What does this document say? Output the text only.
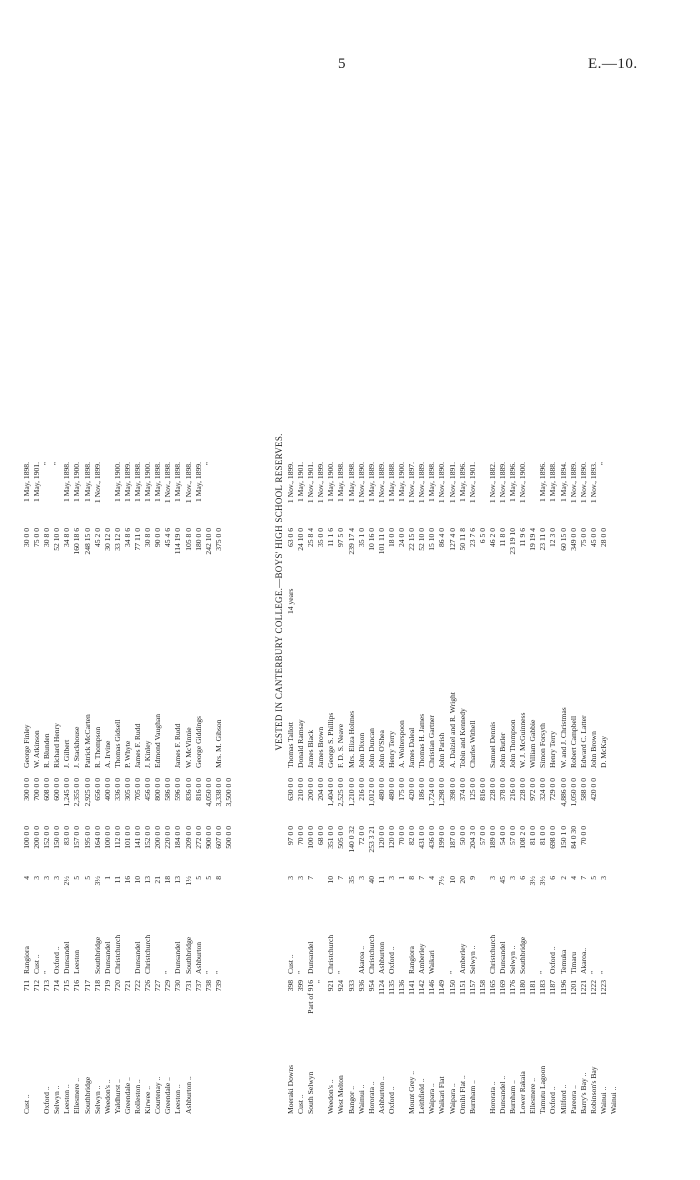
5	E.—10.
Cust .. Oxford .. Selwyn .. Leeston .. Ellesmere .. Southbridge Selwyn .. Weedon's .. Yaldhurst .. Greendale .. Rolleston .. Kirwee .. Courtenay .. Greendale .. Leeston .. Ashburton ..
711 712 713 714 715 716 717 718 719 720 721 722 726 727 729 730 731 737 738 739
Rangiora Cust .. " Oxford .. Dunsandel Leeston Southbridge Dunsandel Christchurch Dunsandel Christchurch " Dunsandel Southbridge Ashburton " "
4 3 3 3 2½ 5 5 3½ 1 11 16 10 13 21 18 13 1½ 5 5 8
100 0 0 200 0 0 152 0 0 150 0 0 83 0 0 157 0 0 195 0 0 164 0 0 100 0 0 112 0 0 101 0 0 141 0 0 152 0 0 200 0 0 220 0 0 184 0 0 209 0 0 272 0 0 900 0 0 607 0 0 500 0 0
300 0 0 700 0 0 608 0 0 600 0 0 1,245 0 0 2,355 0 0 2,925 0 0 656 0 0 400 0 0 336 0 0 305 0 0 705 0 0 456 0 0 800 0 0 586 0 0 596 0 0 836 0 0 816 0 0 4,050 0 0 3,338 0 0 3,500 0 0
George Finley W. Atkinson R. Blunden Richard Henry J. Gilbert J. Stackhouse Patrick McCarten R. Thompson A. Irvine Thomas Gidsell P. Whyte James F. Rudd J. Kinley Edmond Vaughan James F. Rudd W. McVinnie George Giddings Mrs. M. Gibson
30 0 0 75 0 0 30 8 0 52 10 0 34 8 0 160 18 6 248 15 0 45 2 0 30 12 0 33 12 0 34 8 6 77 11 0 30 8 0 90 0 0 45 4 6 114 19 0 105 8 0 180 0 0 242 10 0 375 0 0
1 May, 1898. 1 May, 1901. " " 1 May, 1898. 1 May, 1900. 1 May, 1898. 1 Nov., 1899. 1 May, 1900. 1 May, 1899. 1 May, 1898. 1 May, 1900. 1 May, 1898. 1 Nov., 1898. 1 May, 1898. 1 Nov., 1898. 1 May, 1899. "	VESTED IN CANTERBURY COLLEGE.—BOYS' HIGH SCHOOL RESERVES.
Moeraki Downs Cust .. South Selwyn Weedon's .. West Melton Bangor .. Waimui .. Hororata .. Ashburton .. Oxford .. Mount Grey .. Leithfield .. Waipara .. Waikari Flat Waipara .. Omihi Flat .. Burnham .. Hororata .. Dunsandel .. Burnham .. Lower Rakaia Ellesmere .. Tamutu Lagoon Oxford .. Milford .. Pareora .. Barry's Bay .. Robinson's Bay Wainui .. Wainui ..
398 399 Part of 916 " 921 924 933 936 954 1124 1135 1136 1141 1142 1146 1149 1150 1151 1157 1158 1165 1169 1176 1180 1181 1183 1187 1196 1201 1221 1222 1223
Cust .. " Dunsandel Christchurch " Akaroa .. Christchurch Ashburton Oxford .. Rangiora Amberley Waikari " Amberley Selwyn .. Christchurch Dunsandel Selwyn .. Southbridge " Oxford .. Temuka Timaru Akaroa.. " "
3 3 7 10 7 35 3 40 11 3 1 8 7 4 7½ 10 20 9 3 45 3 6 3½ 3½ 6 2 4 7 5 3
97 0 0 70 0 0 100 0 0 68 0 0 351 0 0 505 0 0 140 0 32 72 0 0 253 3 21 120 0 0 120 0 0 70 0 0 82 0 0 431 0 0 436 0 0 199 0 0 187 0 0 50 0 0 204 3 0 57 0 0 189 0 0 54 0 0 57 0 0 108 2 0 81 0 0 81 0 0 698 0 0 150 1 0 84 0 30 70 0 0
630 0 0 210 0 0 200 0 0 204 0 0 1,404 0 0 2,525 0 0 1,210 0 0 216 0 0 1,012 0 0 480 0 0 480 0 0 175 0 0 420 0 0 186 0 0 1,724 0 0 1,298 0 0 398 0 0 374 0 0 125 0 0 816 0 0 228 0 0 378 0 0 216 0 0 228 0 0 972 0 0 324 0 0 729 0 0 4,886 0 0 1,050 0 0 588 0 0 420 0 0
Thomas Tallott Donald Ramsay James Black James Brown George S. Phillips F. D. S. Neave Mrs. Eliza Holmes John Dixon John Duncan John O'Shea Henry Terry A. Wolterspoon James Daleal Thomas H. James Christian Gartner John Parish A. Dalziel and R. Wright Tobin and Kennedy Charles Withell Samuel Dennis John Butler John Thompson W. J. McGuinness William Gabbie Simon Forsyth Henry Terry W. and J. Christmas Robert Campbell Edward C. Latter John Brown D. McKay
14 years
63 0 6 24 10 0 25 8 4 35 0 0 11 1 6 97 5 0 239 17 4 35 1 0 10 16 0 101 11 0 18 0 0 24 0 0 22 15 0 52 10 0 15 10 0 86 4 0 127 4 0 50 11 8 23 7 6 6 5 0 46 2 0 11 8 0 23 19 10 11 9 6 19 19 4 23 11 0 12 3 0 60 15 0 349 0 0 75 0 0 45 0 0 28 0 0
1 Nov., 1899. 1 May, 1901. 1 Nov., 1901. 1 Nov., 1899. 1 May, 1900. 1 May, 1898. 1 May, 1898. 1 Nov., 1890. 1 May, 1889. 1 Nov., 1889. 1 May, 1888. 1 May, 1900. 1 Nov., 1897. 1 Nov., 1889. 1 May, 1898. 1 Nov., 1890. 1 Nov., 1891. 1 May, 1896. 1 Nov., 1901. 1 Nov., 1882. 1 Nov., 1889. 1 May, 1896. 1 Nov., 1900. 1 May, 1896. 1 May, 1888. 1 May, 1894. 1 Nov., 1889. 1 Nov., 1890. 1 Nov., 1893. "
